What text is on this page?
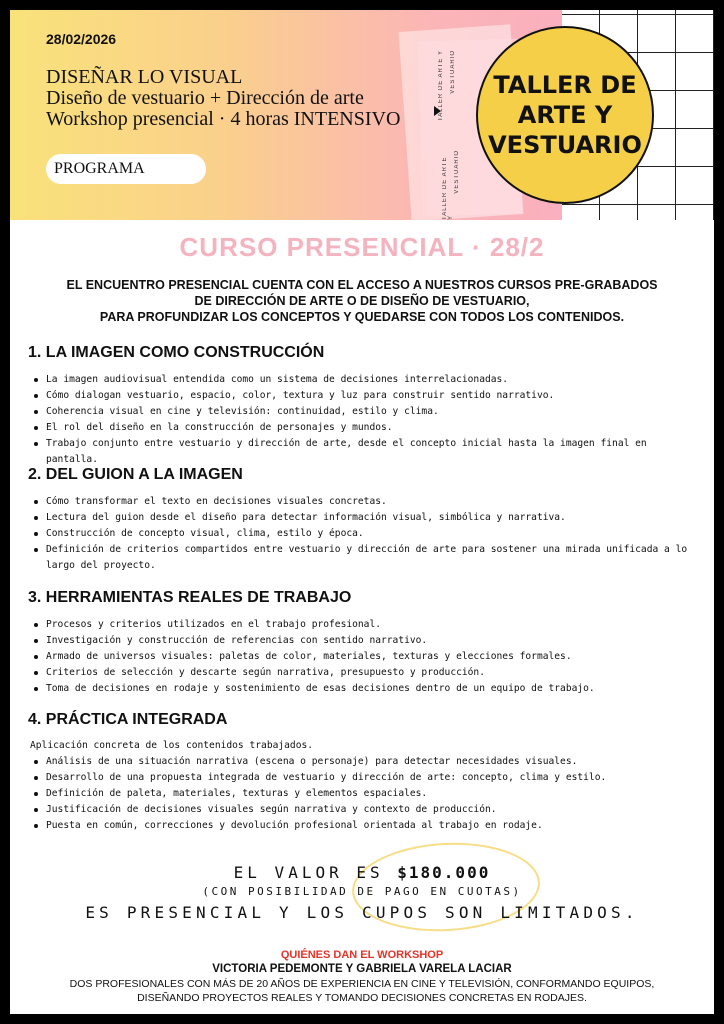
TALLER DE ARTE Y VESTUARIO
TALLER DE ARTE Y
VESTUARIO
28/02/2026
DISEÑAR LO VISUAL
Diseño de vestuario + Dirección de arte
Workshop presencial · 4 horas INTENSIVO
PROGRAMA
TALLER DE
ARTE Y
VESTUARIO
CURSO PRESENCIAL · 28/2
EL ENCUENTRO PRESENCIAL CUENTA CON EL ACCESO A NUESTROS CURSOS PRE-GRABADOS
DE DIRECCIÓN DE ARTE O DE DISEÑO DE VESTUARIO,
PARA PROFUNDIZAR LOS CONCEPTOS Y QUEDARSE CON TODOS LOS CONTENIDOS.
1. LA IMAGEN COMO CONSTRUCCIÓN
La imagen audiovisual entendida como un sistema de decisiones interrelacionadas.
Cómo dialogan vestuario, espacio, color, textura y luz para construir sentido narrativo.
Coherencia visual en cine y televisión: continuidad, estilo y clima.
El rol del diseño en la construcción de personajes y mundos.
Trabajo conjunto entre vestuario y dirección de arte, desde el concepto inicial hasta la imagen final en pantalla.
2. DEL GUION A LA IMAGEN
Cómo transformar el texto en decisiones visuales concretas.
Lectura del guion desde el diseño para detectar información visual, simbólica y narrativa.
Construcción de concepto visual, clima, estilo y época.
Definición de criterios compartidos entre vestuario y dirección de arte para sostener una mirada unificada a lo largo del proyecto.
3. HERRAMIENTAS REALES DE TRABAJO
Procesos y criterios utilizados en el trabajo profesional.
Investigación y construcción de referencias con sentido narrativo.
Armado de universos visuales: paletas de color, materiales, texturas y elecciones formales.
Criterios de selección y descarte según narrativa, presupuesto y producción.
Toma de decisiones en rodaje y sostenimiento de esas decisiones dentro de un equipo de trabajo.
4. PRÁCTICA INTEGRADA
Aplicación concreta de los contenidos trabajados.
Análisis de una situación narrativa (escena o personaje) para detectar necesidades visuales.
Desarrollo de una propuesta integrada de vestuario y dirección de arte: concepto, clima y estilo.
Definición de paleta, materiales, texturas y elementos espaciales.
Justificación de decisiones visuales según narrativa y contexto de producción.
Puesta en común, correcciones y devolución profesional orientada al trabajo en rodaje.
EL VALOR ES $180.000
(CON POSIBILIDAD DE PAGO EN CUOTAS)
ES PRESENCIAL Y LOS CUPOS SON LIMITADOS.
QUIÉNES DAN EL WORKSHOP
VICTORIA PEDEMONTE Y GABRIELA VARELA LACIAR
DOS PROFESIONALES CON MÁS DE 20 AÑOS DE EXPERIENCIA EN CINE Y TELEVISIÓN, CONFORMANDO EQUIPOS,
DISEÑANDO PROYECTOS REALES Y TOMANDO DECISIONES CONCRETAS EN RODAJES.
